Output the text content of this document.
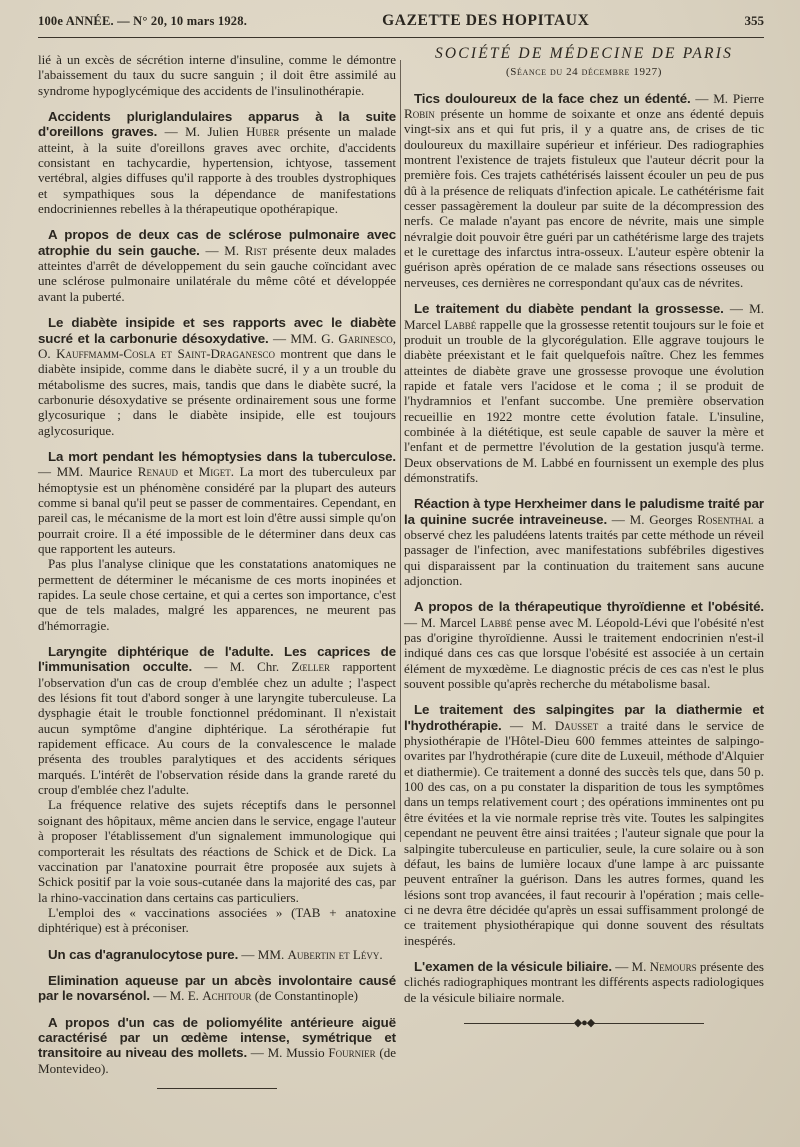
100e ANNÉE. — N° 20, 10 mars 1928.	GAZETTE DES HOPITAUX	355

lié à un excès de sécrétion interne d'insuline, comme le démontre l'abaissement du taux du sucre sanguin ; il doit être assimilé au syndrome hypoglycémique des accidents de l'insulinothérapie.

Accidents pluriglandulaires apparus à la suite d'oreillons graves. — M. Julien Huber présente un malade atteint, à la suite d'oreillons graves avec orchite, d'accidents consistant en tachycardie, hypertension, ichtyose, tassement vertébral, algies diffuses qu'il rapporte à des troubles dystrophiques et sympathiques sous la dépendance de manifestations endocriniennes rebelles à la thérapeutique opothérapique.

A propos de deux cas de sclérose pulmonaire avec atrophie du sein gauche. — M. Rist présente deux malades atteintes d'arrêt de développement du sein gauche coïncidant avec une sclérose pulmonaire unilatérale du même côté et développée avant la puberté.

Le diabète insipide et ses rapports avec le diabète sucré et la carbonurie désoxydative. — MM. G. Garinesco, O. Kauffmamm-Cosla et Saint-Draganesco montrent que dans le diabète insipide, comme dans le diabète sucré, il y a un trouble du métabolisme des sucres, mais, tandis que dans le diabète sucré, la carbonurie désoxydative se présente ordinairement sous une forme glycosurique ; dans le diabète insipide, elle est toujours aglycosurique.

La mort pendant les hémoptysies dans la tuberculose. — MM. Maurice Renaud et Miget. La mort des tuberculeux par hémoptysie est un phénomène considéré par la plupart des auteurs comme si banal qu'il peut se passer de commentaires. Cependant, en pareil cas, le mécanisme de la mort est loin d'être aussi simple qu'on pourrait croire. Il a été impossible de le déterminer dans deux cas que rapportent les auteurs.

Pas plus l'analyse clinique que les constatations anatomiques ne permettent de déterminer le mécanisme de ces morts inopinées et rapides. La seule chose certaine, et qui a certes son importance, c'est que de tels malades, malgré les apparences, ne meurent pas d'hémorragie.

Laryngite diphtérique de l'adulte. Les caprices de l'immunisation occulte. — M. Chr. Zœller rapportent l'observation d'un cas de croup d'emblée chez un adulte ; l'aspect des lésions fit tout d'abord songer à une laryngite tuberculeuse. La dysphagie était le trouble fonctionnel prédominant. Il n'existait aucun symptôme d'angine diphtérique. La sérothérapie fut rapidement efficace. Au cours de la convalescence le malade présenta des troubles paralytiques et des accidents sériques marqués. L'intérêt de l'observation réside dans la grande rareté du croup d'emblée chez l'adulte.

La fréquence relative des sujets réceptifs dans le personnel soignant des hôpitaux, même ancien dans le service, engage l'auteur à proposer l'établissement d'un signalement immunologique qui comporterait les résultats des réactions de Schick et de Dick. La vaccination par l'anatoxine pourrait être proposée aux sujets à Schick positif par la voie sous-cutanée dans la majorité des cas, par la rhino-vaccination dans certains cas particuliers.

L'emploi des « vaccinations associées » (TAB + anatoxine diphtérique) est à préconiser.

Un cas d'agranulocytose pure. — MM. Aubertin et Lévy.

Elimination aqueuse par un abcès involontaire causé par le novarsénol. — M. E. Achitour (de Constantinople)

A propos d'un cas de poliomyélite antérieure aiguë caractérisé par un œdème intense, symétrique et transitoire au niveau des mollets. — M. Mussio Fournier (de Montevideo).

SOCIÉTÉ DE MÉDECINE DE PARIS
(Séance du 24 décembre 1927)

Tics douloureux de la face chez un édenté. — M. Pierre Robin présente un homme de soixante et onze ans édenté depuis vingt-six ans et qui fut pris, il y a quatre ans, de crises de tic douloureux du maxillaire supérieur et inférieur. Des radiographies montrent l'existence de trajets fistuleux que l'auteur décrit pour la première fois. Ces trajets cathétérisés laissent écouler un peu de pus dû à la présence de reliquats d'infection apicale. Le cathétérisme fait cesser passagèrement la douleur par suite de la décompression des nerfs. Ce malade n'ayant pas encore de névrite, mais une simple névralgie doit pouvoir être guéri par un cathétérisme large des trajets et le curettage des infarctus intra-osseux. L'auteur espère obtenir la guérison après opération de ce malade sans résections osseuses ou nerveuses, ces dernières ne correspondant qu'aux cas de névrites.

Le traitement du diabète pendant la grossesse. — M. Marcel Labbé rappelle que la grossesse retentit toujours sur le foie et produit un trouble de la glycorégulation. Elle aggrave toujours le diabète préexistant et le fait quelquefois naître. Chez les femmes atteintes de diabète grave une grossesse provoque une évolution rapide et fatale vers l'acidose et le coma ; il se produit de l'hydramnios et l'enfant succombe. Une première observation recueillie en 1922 montre cette évolution fatale. L'insuline, combinée à la diététique, est seule capable de sauver la mère et l'enfant et de permettre l'évolution de la gestation jusqu'à terme. Deux observations de M. Labbé en fournissent un exemple des plus démonstratifs.

Réaction à type Herxheimer dans le paludisme traité par la quinine sucrée intraveineuse. — M. Georges Rosenthal a observé chez les paludéens latents traités par cette méthode un réveil passager de l'infection, avec manifestations subfébriles digestives qui disparaissent par la continuation du traitement sans aucune adjonction.

A propos de la thérapeutique thyroïdienne et l'obésité. — M. Marcel Labbé pense avec M. Léopold-Lévi que l'obésité n'est pas d'origine thyroïdienne. Aussi le traitement endocrinien n'est-il indiqué dans ces cas que lorsque l'obésité est associée à un certain élément de myxœdème. Le diagnostic précis de ces cas n'est le plus souvent possible qu'après recherche du métabolisme basal.

Le traitement des salpingites par la diathermie et l'hydrothérapie. — M. Dausset a traité dans le service de physiothérapie de l'Hôtel-Dieu 600 femmes atteintes de salpingo-ovarites par l'hydrothérapie (cure dite de Luxeuil, méthode d'Alquier et diathermie). Ce traitement a donné des succès tels que, dans 50 p. 100 des cas, on a pu constater la disparition de tous les symptômes dans un temps relativement court ; des opérations imminentes ont pu être évitées et la vie normale reprise très vite. Toutes les salpingites cependant ne peuvent être ainsi traitées ; l'auteur signale que pour la salpingite tuberculeuse en particulier, seule, la cure solaire ou à son défaut, les bains de lumière locaux d'une lampe à arc puissante peuvent entraîner la guérison. Dans les autres formes, quand les lésions sont trop avancées, il faut recourir à l'opération ; mais celle-ci ne devra être décidée qu'après un essai suffisamment prolongé de ce traitement physiothérapique qui donne souvent des résultats inespérés.

L'examen de la vésicule biliaire. — M. Nemours présente des clichés radiographiques montrant les différents aspects radiologiques de la vésicule biliaire normale.

◆●◆
